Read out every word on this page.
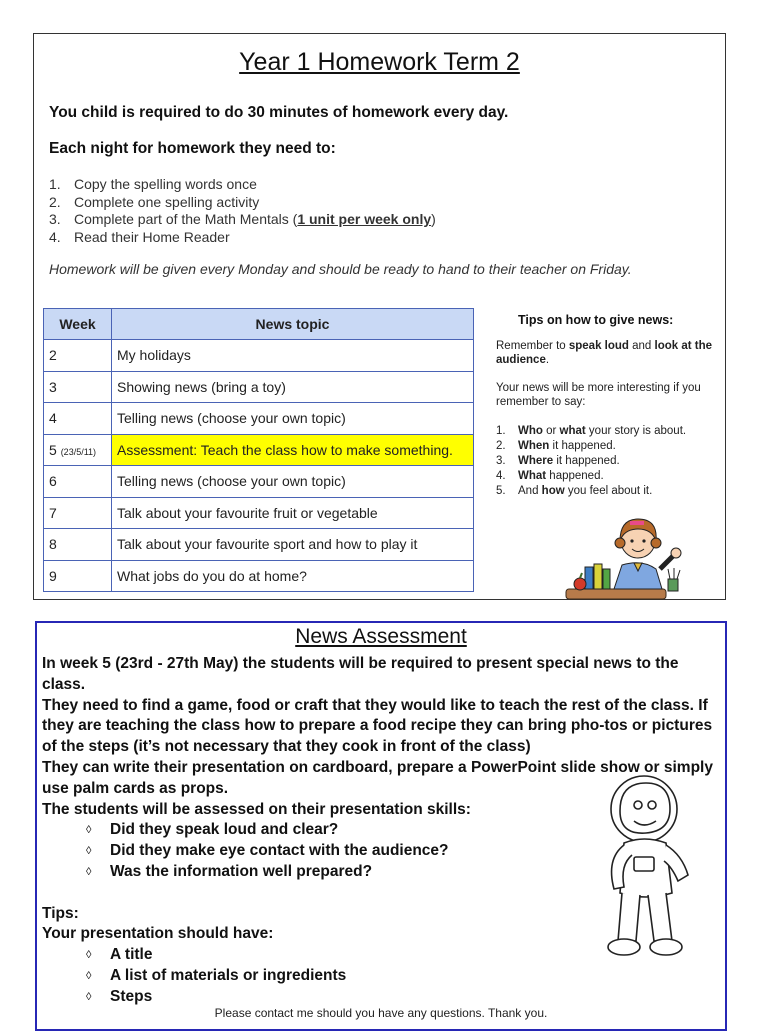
Year 1 Homework Term 2
You child is required to do 30 minutes of homework every day.
Each night for homework they need to:
1. Copy the spelling words once
2. Complete one spelling activity
3. Complete part of the Math Mentals (1 unit per week only)
4. Read their Home Reader
Homework will be given every Monday and should be ready to hand to their teacher on Friday.
Week	News topic
2	My holidays
3	Showing news (bring a toy)
4	Telling news (choose your own topic)
5 (23/5/11)	Assessment: Teach the class how to make something.
6	Telling news (choose your own topic)
7	Talk about your favourite fruit or vegetable
8	Talk about your favourite sport and how to play it
9	What jobs do you do at home?
Tips on how to give news:
Remember to speak loud and look at the audience.
Your news will be more interesting if you remember to say:
1.	Who or what your story is about.
2.	When it happened.
3.	Where it happened.
4.	What happened.
5.	And how you feel about it.
News Assessment

In week 5 (23rd - 27th May) the students will be required to present special news to the class.

They need to find a game, food or craft that they would like to teach the rest of the class. If they are teaching the class how to prepare a food recipe they can bring pho-tos or pictures of the steps (it’s not necessary that they cook in front of the class)

They can write their presentation on cardboard, prepare a PowerPoint slide show or simply use palm cards as props.

The students will be assessed on their presentation skills:

◊	Did they speak loud and clear?
◊	Did they make eye contact with the audience?
◊	Was the information well prepared?

Tips:

Your presentation should have:

◊	A title
◊	A list of materials or ingredients
◊	Steps
Please contact me should you have any questions. Thank you.
